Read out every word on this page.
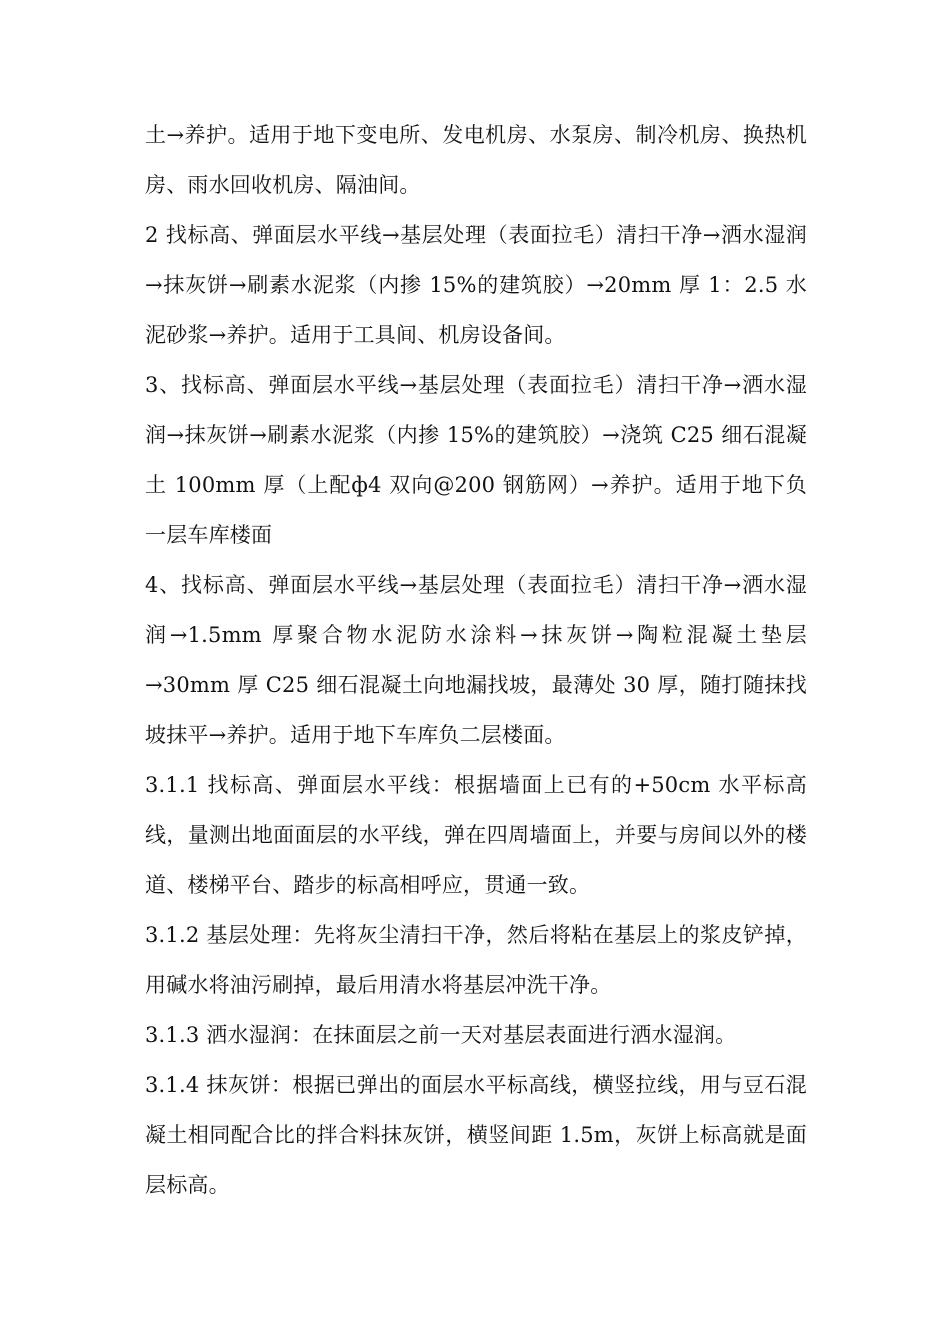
土→养护。适用于地下变电所、发电机房、水泵房、制冷机房、换热机房、雨水回收机房、隔油间。

2 找标高、弹面层水平线→基层处理（表面拉毛）清扫干净→洒水湿润→抹灰饼→刷素水泥浆（内掺 15%的建筑胶）→20mm 厚 1：2.5 水泥砂浆→养护。适用于工具间、机房设备间。

3、找标高、弹面层水平线→基层处理（表面拉毛）清扫干净→洒水湿润→抹灰饼→刷素水泥浆（内掺 15%的建筑胶）→浇筑 C25 细石混凝土 100mm 厚（上配ф4 双向@200 钢筋网）→养护。适用于地下负一层车库楼面

4、找标高、弹面层水平线→基层处理（表面拉毛）清扫干净→洒水湿润→1.5mm 厚聚合物水泥防水涂料→抹灰饼→陶粒混凝土垫层→30mm 厚 C25 细石混凝土向地漏找坡，最薄处 30 厚，随打随抹找坡抹平→养护。适用于地下车库负二层楼面。

3.1.1 找标高、弹面层水平线：根据墙面上已有的+50cm 水平标高线，量测出地面面层的水平线，弹在四周墙面上，并要与房间以外的楼道、楼梯平台、踏步的标高相呼应，贯通一致。

3.1.2 基层处理：先将灰尘清扫干净，然后将粘在基层上的浆皮铲掉，用碱水将油污刷掉，最后用清水将基层冲洗干净。

3.1.3 洒水湿润：在抹面层之前一天对基层表面进行洒水湿润。

3.1.4 抹灰饼：根据已弹出的面层水平标高线，横竖拉线，用与豆石混凝土相同配合比的拌合料抹灰饼，横竖间距 1.5m，灰饼上标高就是面层标高。
